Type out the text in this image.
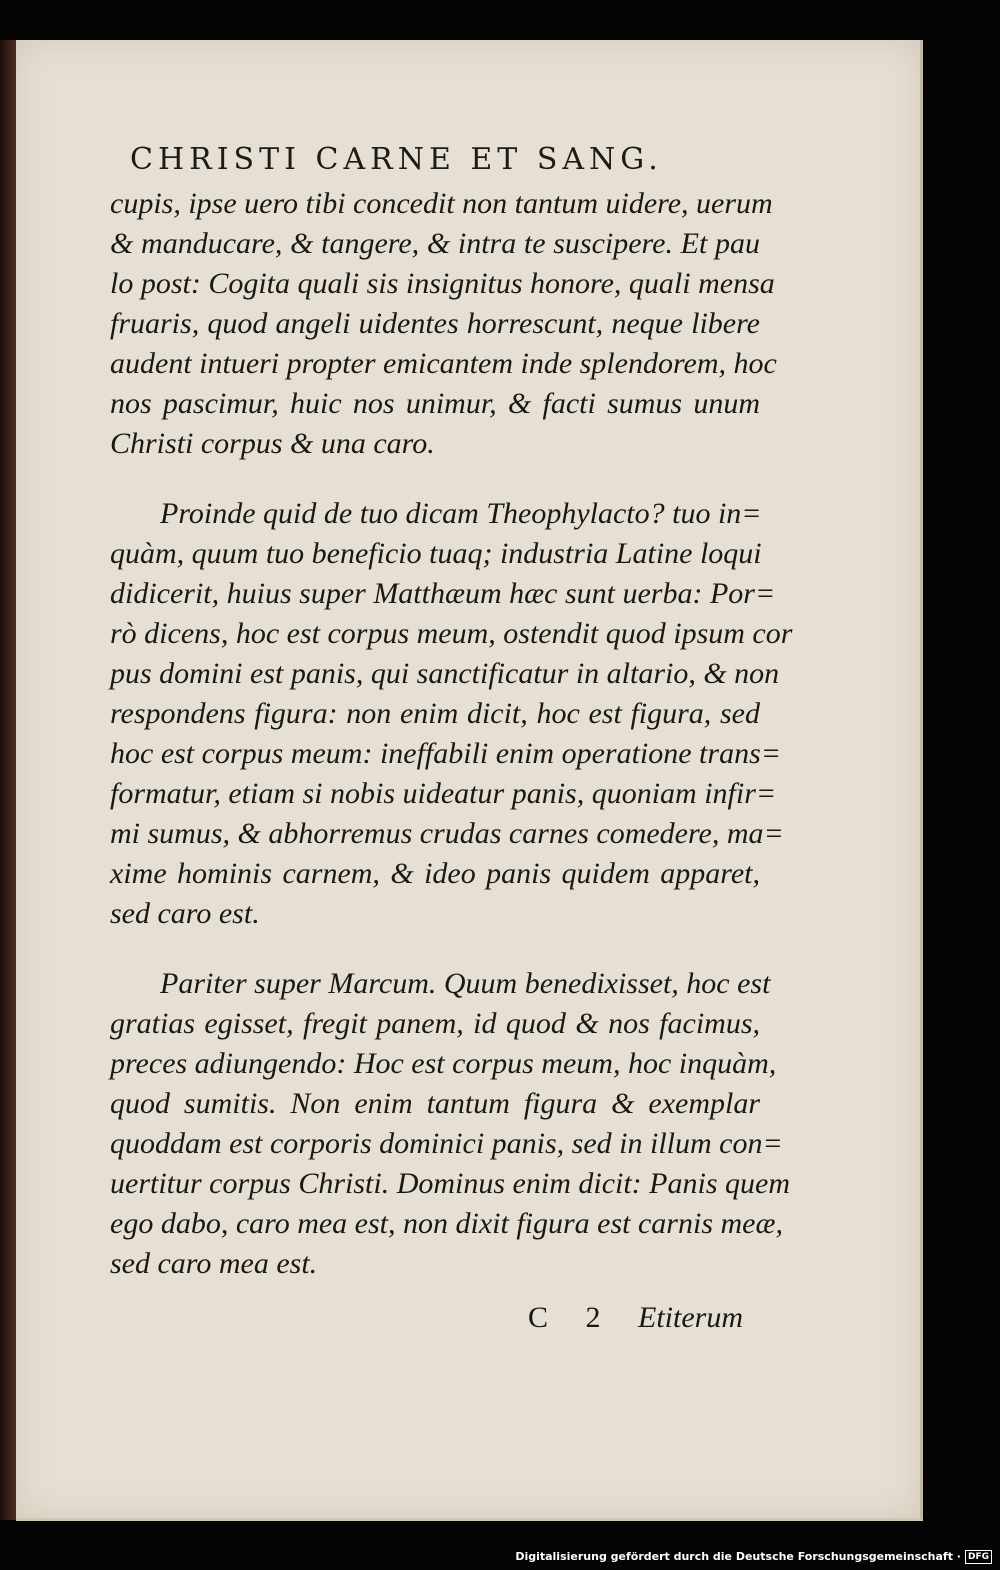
CHRISTI CARNE ET SANG.
cupis, ipse uero tibi concedit non tantum uidere, uerum
& manducare, & tangere, & intra te suscipere. Et pau
lo post: Cogita quali sis insignitus honore, quali mensa
fruaris, quod angeli uidentes horrescunt, neque libere
audent intueri propter emicantem inde splendorem, hoc
nos pascimur, huic nos unimur, & facti sumus unum
Christi corpus & una caro.
Proinde quid de tuo dicam Theophylacto? tuo in=
quàm, quum tuo beneficio tuaq; industria Latine loqui
didicerit, huius super Matthæum hæc sunt uerba: Por=
rò dicens, hoc est corpus meum, ostendit quod ipsum cor
pus domini est panis, qui sanctificatur in altario, & non
respondens figura: non enim dicit, hoc est figura, sed
hoc est corpus meum: ineffabili enim operatione trans=
formatur, etiam si nobis uideatur panis, quoniam infir=
mi sumus, & abhorremus crudas carnes comedere, ma=
xime hominis carnem, & ideo panis quidem apparet,
sed caro est.
Pariter super Marcum. Quum benedixisset, hoc est
gratias egisset, fregit panem, id quod & nos facimus,
preces adiungendo: Hoc est corpus meum, hoc inquàm,
quod sumitis. Non enim tantum figura & exemplar
quoddam est corporis dominici panis, sed in illum con=
uertitur corpus Christi. Dominus enim dicit: Panis quem
ego dabo, caro mea est, non dixit figura est carnis meæ,
sed caro mea est.
C 2 Etiterum
Digitalisierung gefördert durch die Deutsche Forschungsgemeinschaft · DFG
